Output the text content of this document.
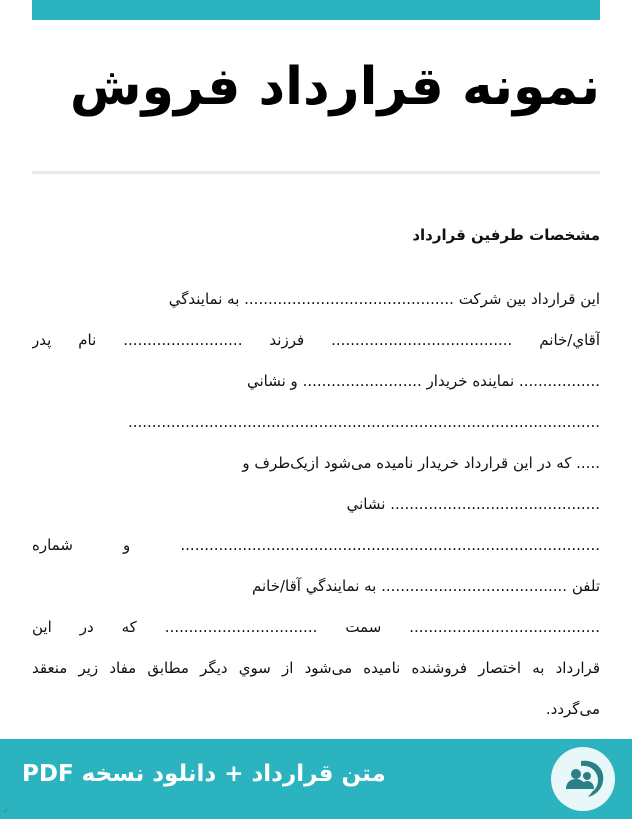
نمونه قرارداد فروش
مشخصات طرفین قرارداد
اين قرارداد بين شركت ............................................ به نمايندگي
آقاي/خانم ...................................... فرزند ......................... نام پدر
................. نماينده خريدار ......................... و نشاني
...................................................................................................
..... كه در اين قرارداد خريدار ناميده می‌شود ازیک‌طرف و
............................................ نشاني
........................................................................................ و شماره
تلفن ....................................... به نمايندگي آقا/خانم
........................................ سمت ................................ كه در اين
قرارداد به اختصار فروشنده ناميده می‌شود از سوي ديگر مطابق مفاد زير منعقد
می‌گردد.
متن قرارداد + دانلود نسخه PDF
٫
